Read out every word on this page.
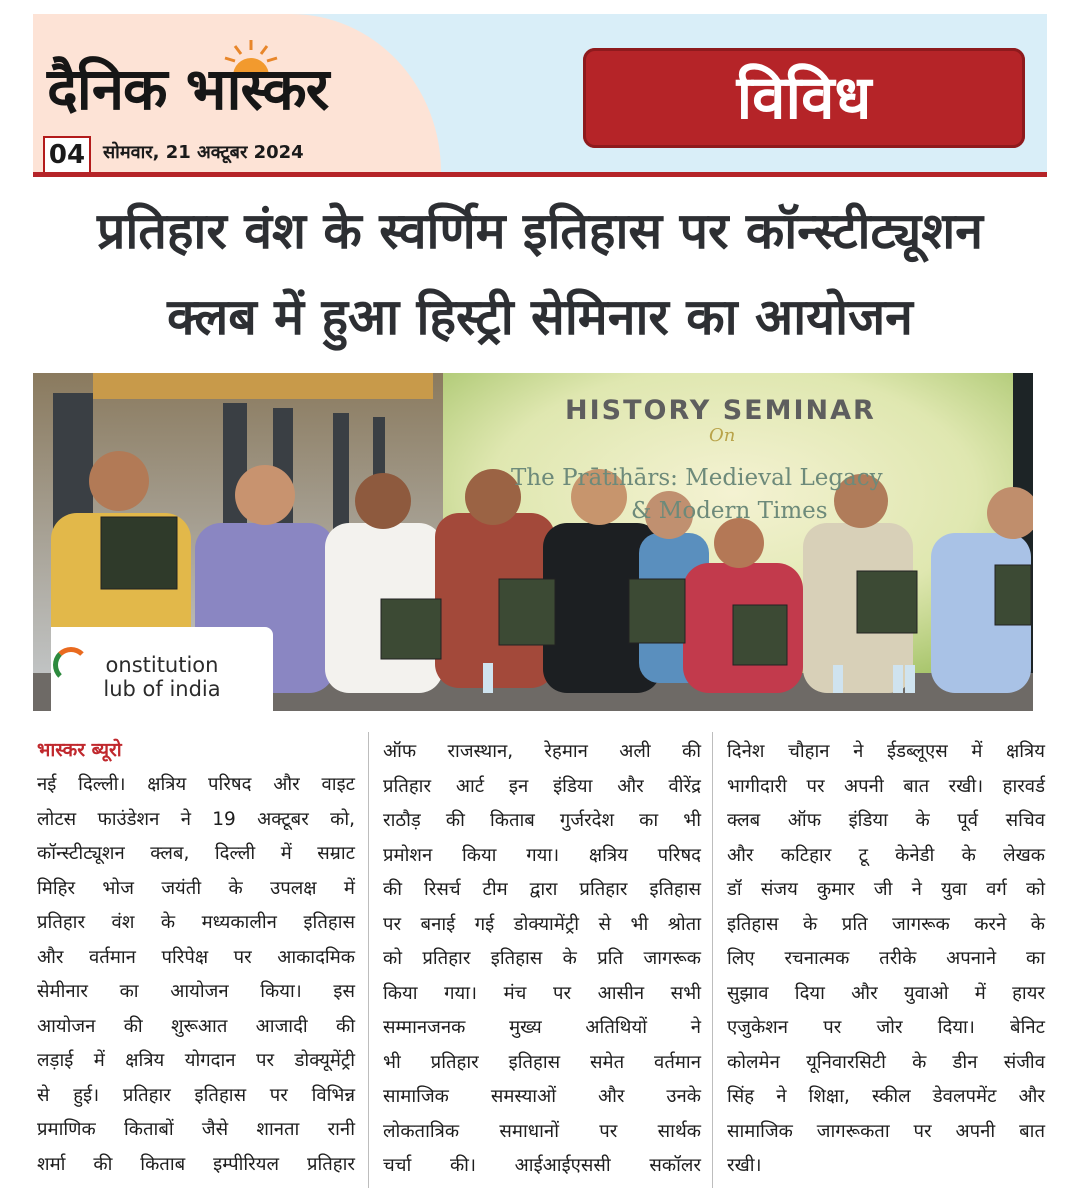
दैनिक भास्कर
04 सोमवार, 21 अक्टूबर 2024
विविध
प्रतिहार वंश के स्वर्णिम इतिहास पर कॉन्स्टीट्यूशन
क्लब में हुआ हिस्ट्री सेमिनार का आयोजन
HISTORY SEMINAR
On
The Prātihārs: Medieval Legacy
& Modern Times
onstitution
lub of india
भास्कर ब्यूरो

नई दिल्ली। क्षत्रिय परिषद और वाइट

लोटस फाउंडेशन ने 19 अक्टूबर को,

कॉन्स्टीट्यूशन क्लब, दिल्ली में सम्राट

मिहिर भोज जयंती के उपलक्ष में

प्रतिहार वंश के मध्यकालीन इतिहास

और वर्तमान परिपेक्ष पर आकादमिक

सेमीनार का आयोजन किया। इस

आयोजन की शुरूआत आजादी की

लड़ाई में क्षत्रिय योगदान पर डोक्यूमेंट्री

से हुई। प्रतिहार इतिहास पर विभिन्न

प्रमाणिक किताबों जैसे शानता रानी

शर्मा की किताब इम्पीरियल प्रतिहार

ऑफ राजस्थान, रेहमान अली की

प्रतिहार आर्ट इन इंडिया और वीरेंद्र

राठौड़ की किताब गुर्जरदेश का भी

प्रमोशन किया गया। क्षत्रिय परिषद

की रिसर्च टीम द्वारा प्रतिहार इतिहास

पर बनाई गई डोक्यामेंट्री से भी श्रोता

को प्रतिहार इतिहास के प्रति जागरूक

किया गया। मंच पर आसीन सभी

सम्मानजनक मुख्य अतिथियों ने

भी प्रतिहार इतिहास समेत वर्तमान

सामाजिक समस्याओं और उनके

लोकतात्रिक समाधानों पर सार्थक

चर्चा की। आईआईएससी सकॉलर

दिनेश चौहान ने ईडब्लूएस में क्षत्रिय

भागीदारी पर अपनी बात रखी। हारवर्ड

क्लब ऑफ इंडिया के पूर्व सचिव

और कटिहार टू केनेडी के लेखक

डॉ संजय कुमार जी ने युवा वर्ग को

इतिहास के प्रति जागरूक करने के

लिए रचनात्मक तरीके अपनाने का

सुझाव दिया और युवाओ में हायर

एजुकेशन पर जोर दिया। बेनिट

कोलमेन यूनिवारसिटी के डीन संजीव

सिंह ने शिक्षा, स्कील डेवलपमेंट और

सामाजिक जागरूकता पर अपनी बात

रखी।
